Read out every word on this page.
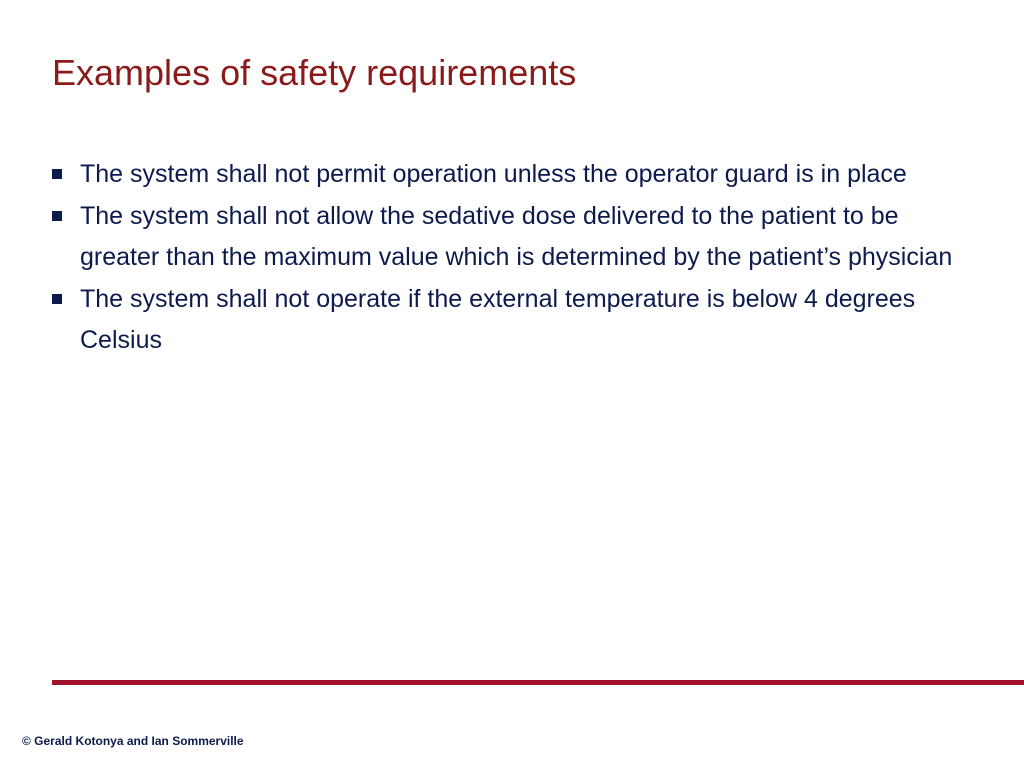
Examples of safety requirements
The system shall not permit operation unless the operator guard is in place
The system shall not allow the sedative dose delivered to the patient to be greater than the maximum value which is determined by the patient’s physician
The system shall not operate if the external temperature is below 4 degrees Celsius
© Gerald Kotonya and Ian Sommerville
